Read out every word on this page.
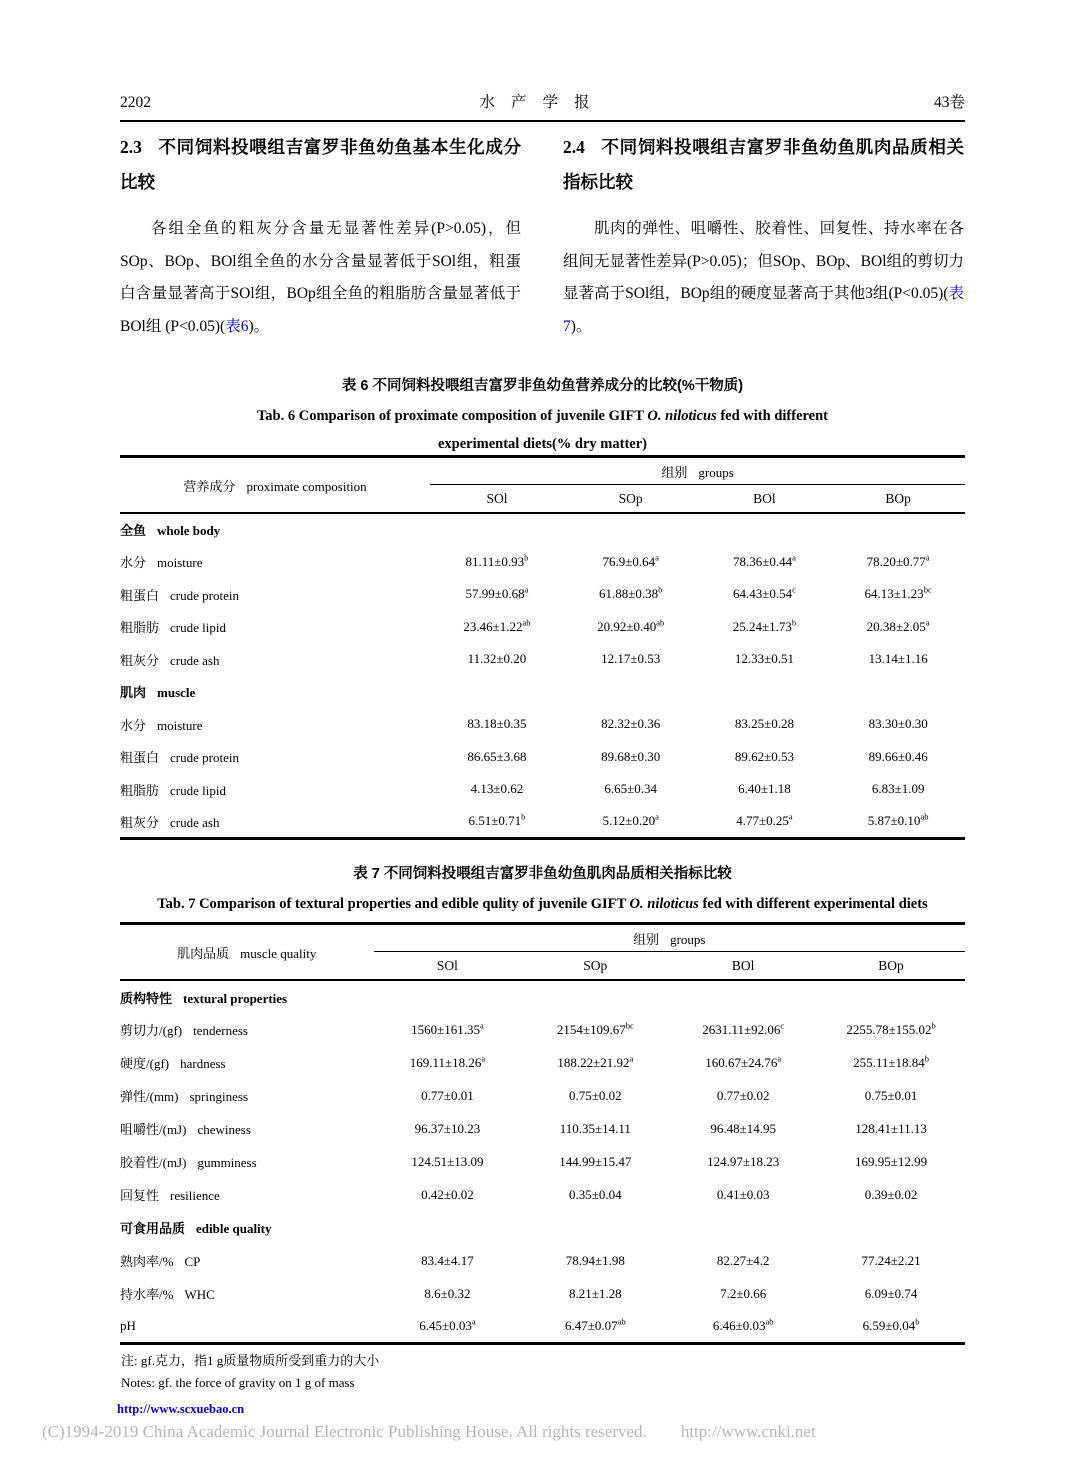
2202	水产学报	43卷
2.3 不同饲料投喂组吉富罗非鱼幼鱼基本生化成分比较
各组全鱼的粗灰分含量无显著性差异(P>0.05)，但SOp、BOp、BOl组全鱼的水分含量显著低于SOl组，粗蛋白含量显著高于SOl组，BOp组全鱼的粗脂肪含量显著低于BOl组 (P<0.05)(表6)。
2.4 不同饲料投喂组吉富罗非鱼幼鱼肌肉品质相关指标比较
肌肉的弹性、咀嚼性、胶着性、回复性、持水率在各组间无显著性差异(P>0.05)；但SOp、BOp、BOl组的剪切力显著高于SOl组，BOp组的硬度显著高于其他3组(P<0.05)(表7)。
表 6 不同饲料投喂组吉富罗非鱼幼鱼营养成分的比较(%干物质)
Tab. 6 Comparison of proximate composition of juvenile GIFT O. niloticus fed with different experimental diets(% dry matter)
营养成分 proximate composition	组别 groups			
	SOl	SOp	BOl	BOp
全鱼 whole body				
水分 moisture	81.11±0.93$^b$	76.9±0.64$^a$	78.36±0.44$^a$	78.20±0.77$^a$
粗蛋白 crude protein	57.99±0.68$^a$	61.88±0.38$^b$	64.43±0.54$^c$	64.13±1.23$^{bc}$
粗脂肪 crude lipid	23.46±1.22$^{ab}$	20.92±0.40$^{ab}$	25.24±1.73$^b$	20.38±2.05$^a$
粗灰分 crude ash	11.32±0.20	12.17±0.53	12.33±0.51	13.14±1.16
肌肉 muscle				
水分 moisture	83.18±0.35	82.32±0.36	83.25±0.28	83.30±0.30
粗蛋白 crude protein	86.65±3.68	89.68±0.30	89.62±0.53	89.66±0.46
粗脂肪 crude lipid	4.13±0.62	6.65±0.34	6.40±1.18	6.83±1.09
粗灰分 crude ash	6.51±0.71$^b$	5.12±0.20$^a$	4.77±0.25$^a$	5.87±0.10$^{ab}$
表 7 不同饲料投喂组吉富罗非鱼幼鱼肌肉品质相关指标比较
Tab. 7 Comparison of textural properties and edible qulity of juvenile GIFT O. niloticus fed with different experimental diets
肌肉品质 muscle quality	组别 groups			
	SOl	SOp	BOl	BOp
质构特性 textural properties				
剪切力/(gf) tenderness	1560±161.35$^a$	2154±109.67$^{bc}$	2631.11±92.06$^c$	2255.78±155.02$^b$
硬度/(gf) hardness	169.11±18.26$^a$	188.22±21.92$^a$	160.67±24.76$^a$	255.11±18.84$^b$
弹性/(mm) springiness	0.77±0.01	0.75±0.02	0.77±0.02	0.75±0.01
咀嚼性/(mJ) chewiness	96.37±10.23	110.35±14.11	96.48±14.95	128.41±11.13
胶着性/(mJ) gumminess	124.51±13.09	144.99±15.47	124.97±18.23	169.95±12.99
回复性 resilience	0.42±0.02	0.35±0.04	0.41±0.03	0.39±0.02
可食用品质 edible quality				
熟肉率/% CP	83.4±4.17	78.94±1.98	82.27±4.2	77.24±2.21
持水率/% WHC	8.6±0.32	8.21±1.28	7.2±0.66	6.09±0.74
pH	6.45±0.03$^a$	6.47±0.07$^{ab}$	6.46±0.03$^{ab}$	6.59±0.04$^b$
注: gf.克力，指1 g质量物质所受到重力的大小
Notes: gf. the force of gravity on 1 g of mass
http://www.scxuebao.cn
(C)1994-2019 China Academic Journal Electronic Publishing House. All rights reserved. http://www.cnki.net
